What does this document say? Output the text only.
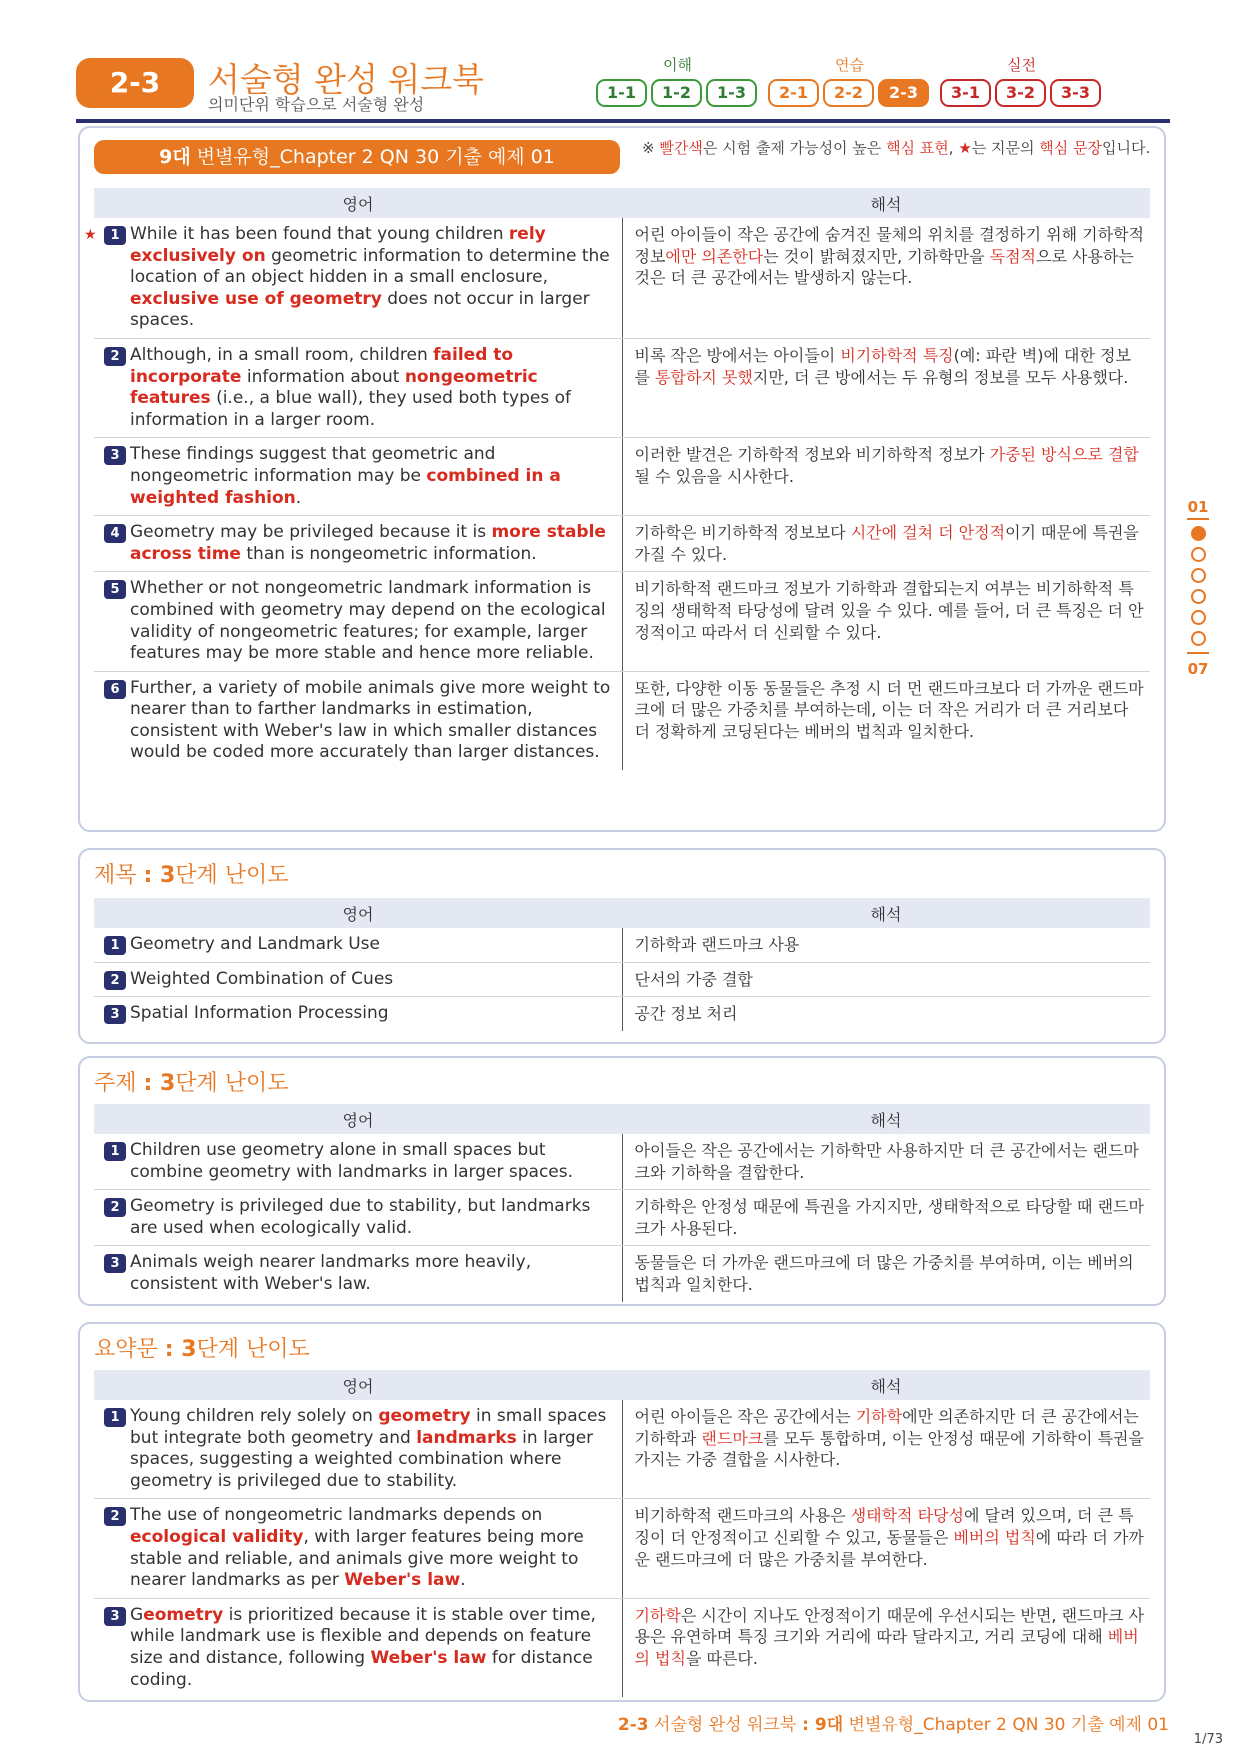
2-3	서술형 완성 워크북
의미단위 학습으로 서술형 완성
이해
1-1	1-2	1-3
연습
2-1	2-2	2-3
실전
3-1	3-2	3-3
9대 변별유형_Chapter 2 QN 30 기출 예제 01	※ 빨간색은 시험 출제 가능성이 높은 핵심 표현, ★는 지문의 핵심 문장입니다.
영어	해석

★ 1 While it has been found that young children rely exclusively on geometric information to determine the location of an object hidden in a small enclosure, exclusive use of geometry does not occur in larger spaces.	어린 아이들이 작은 공간에 숨겨진 물체의 위치를 결정하기 위해 기하학적 정보에만 의존한다는 것이 밝혀졌지만, 기하학만을 독점적으로 사용하는 것은 더 큰 공간에서는 발생하지 않는다.

2 Although, in a small room, children failed to incorporate information about nongeometric features (i.e., a blue wall), they used both types of information in a larger room.	비록 작은 방에서는 아이들이 비기하학적 특징(예: 파란 벽)에 대한 정보를 통합하지 못했지만, 더 큰 방에서는 두 유형의 정보를 모두 사용했다.

3 These findings suggest that geometric and nongeometric information may be combined in a weighted fashion.	이러한 발견은 기하학적 정보와 비기하학적 정보가 가중된 방식으로 결합될 수 있음을 시사한다.

4 Geometry may be privileged because it is more stable across time than is nongeometric information.	기하학은 비기하학적 정보보다 시간에 걸쳐 더 안정적이기 때문에 특권을 가질 수 있다.

5 Whether or not nongeometric landmark information is combined with geometry may depend on the ecological validity of nongeometric features; for example, larger features may be more stable and hence more reliable.	비기하학적 랜드마크 정보가 기하학과 결합되는지 여부는 비기하학적 특징의 생태학적 타당성에 달려 있을 수 있다. 예를 들어, 더 큰 특징은 더 안정적이고 따라서 더 신뢰할 수 있다.

6 Further, a variety of mobile animals give more weight to nearer than to farther landmarks in estimation, consistent with Weber's law in which smaller distances would be coded more accurately than larger distances.	또한, 다양한 이동 동물들은 추정 시 더 먼 랜드마크보다 더 가까운 랜드마크에 더 많은 가중치를 부여하는데, 이는 더 작은 거리가 더 큰 거리보다 더 정확하게 코딩된다는 베버의 법칙과 일치한다.
제목 : 3단계 난이도
영어	해석

1 Geometry and Landmark Use	기하학과 랜드마크 사용

2 Weighted Combination of Cues	단서의 가중 결합

3 Spatial Information Processing	공간 정보 처리
주제 : 3단계 난이도
영어	해석

1 Children use geometry alone in small spaces but combine geometry with landmarks in larger spaces.	아이들은 작은 공간에서는 기하학만 사용하지만 더 큰 공간에서는 랜드마크와 기하학을 결합한다.

2 Geometry is privileged due to stability, but landmarks are used when ecologically valid.	기하학은 안정성 때문에 특권을 가지지만, 생태학적으로 타당할 때 랜드마크가 사용된다.

3 Animals weigh nearer landmarks more heavily, consistent with Weber's law.	동물들은 더 가까운 랜드마크에 더 많은 가중치를 부여하며, 이는 베버의 법칙과 일치한다.
요약문 : 3단계 난이도
영어	해석

1 Young children rely solely on geometry in small spaces but integrate both geometry and landmarks in larger spaces, suggesting a weighted combination where geometry is privileged due to stability.	어린 아이들은 작은 공간에서는 기하학에만 의존하지만 더 큰 공간에서는 기하학과 랜드마크를 모두 통합하며, 이는 안정성 때문에 기하학이 특권을 가지는 가중 결합을 시사한다.

2 The use of nongeometric landmarks depends on ecological validity, with larger features being more stable and reliable, and animals give more weight to nearer landmarks as per Weber's law.	비기하학적 랜드마크의 사용은 생태학적 타당성에 달려 있으며, 더 큰 특징이 더 안정적이고 신뢰할 수 있고, 동물들은 베버의 법칙에 따라 더 가까운 랜드마크에 더 많은 가중치를 부여한다.

3 Geometry is prioritized because it is stable over time, while landmark use is flexible and depends on feature size and distance, following Weber's law for distance coding.	기하학은 시간이 지나도 안정적이기 때문에 우선시되는 반면, 랜드마크 사용은 유연하며 특징 크기와 거리에 따라 달라지고, 거리 코딩에 대해 베버의 법칙을 따른다.
01
07
2-3 서술형 완성 워크북 : 9대 변별유형_Chapter 2 QN 30 기출 예제 01
1/73
